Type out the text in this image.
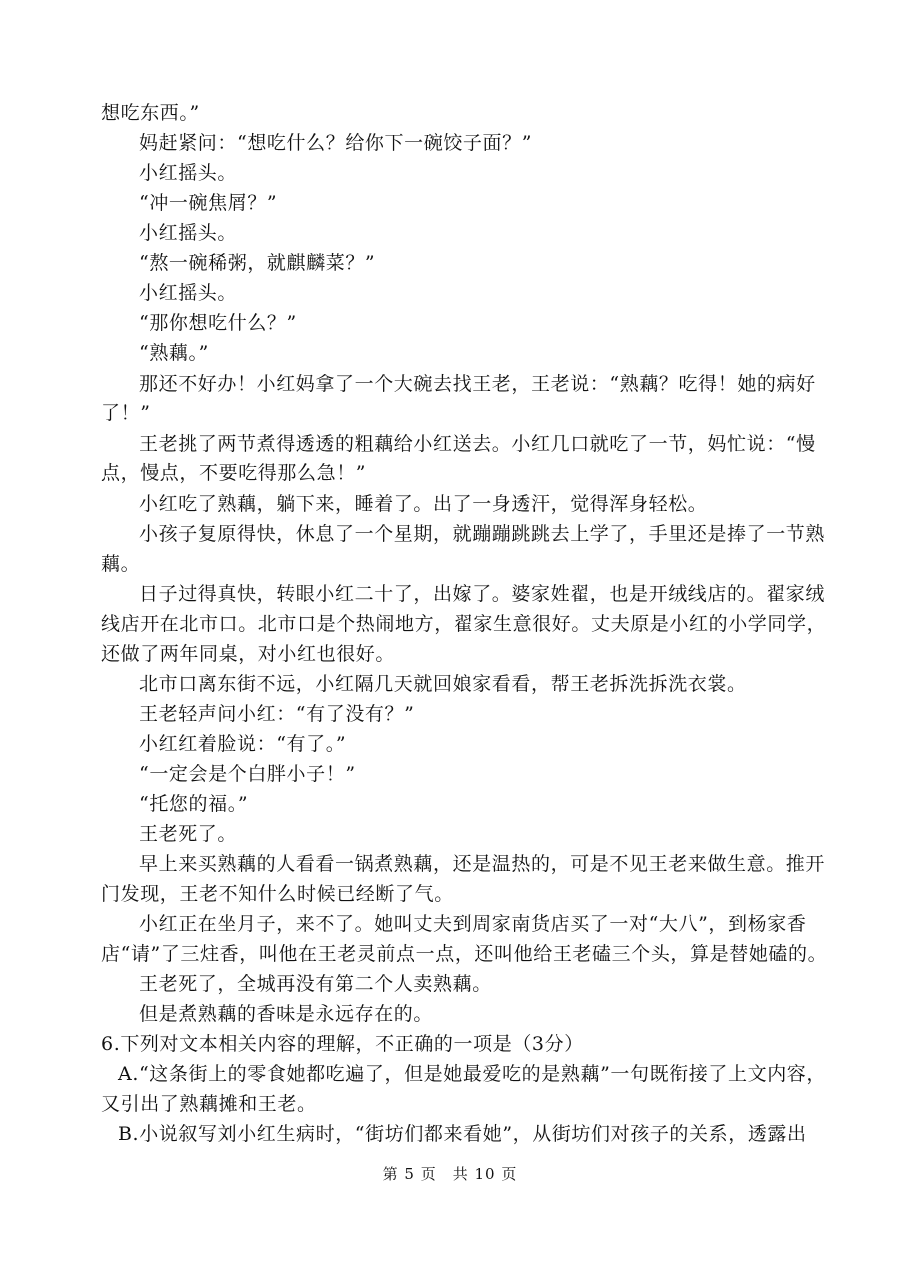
想吃东西。”
妈赶紧问：“想吃什么？给你下一碗饺子面？”
小红摇头。
“冲一碗焦屑？”
小红摇头。
“熬一碗稀粥，就麒麟菜？”
小红摇头。
“那你想吃什么？”
“熟藕。”
那还不好办！小红妈拿了一个大碗去找王老，王老说：“熟藕？吃得！她的病好
了！”
王老挑了两节煮得透透的粗藕给小红送去。小红几口就吃了一节，妈忙说：“慢
点，慢点，不要吃得那么急！”
小红吃了熟藕，躺下来，睡着了。出了一身透汗，觉得浑身轻松。
小孩子复原得快，休息了一个星期，就蹦蹦跳跳去上学了，手里还是捧了一节熟
藕。
日子过得真快，转眼小红二十了，出嫁了。婆家姓翟，也是开绒线店的。翟家绒
线店开在北市口。北市口是个热闹地方，翟家生意很好。丈夫原是小红的小学同学，
还做了两年同桌，对小红也很好。
北市口离东街不远，小红隔几天就回娘家看看，帮王老拆洗拆洗衣裳。
王老轻声问小红：“有了没有？”
小红红着脸说：“有了。”
“一定会是个白胖小子！”
“托您的福。”
王老死了。
早上来买熟藕的人看看一锅煮熟藕，还是温热的，可是不见王老来做生意。推开
门发现，王老不知什么时候已经断了气。
小红正在坐月子，来不了。她叫丈夫到周家南货店买了一对“大八”，到杨家香
店“请”了三炷香，叫他在王老灵前点一点，还叫他给王老磕三个头，算是替她磕的。
王老死了，全城再没有第二个人卖熟藕。
但是煮熟藕的香味是永远存在的。
6.下列对文本相关内容的理解，不正确的一项是（3分）
A.“这条街上的零食她都吃遍了，但是她最爱吃的是熟藕”一句既衔接了上文内容，
又引出了熟藕摊和王老。
B.小说叙写刘小红生病时，“街坊们都来看她”，从街坊们对孩子的关系，透露出
第 5 页　共 10 页
